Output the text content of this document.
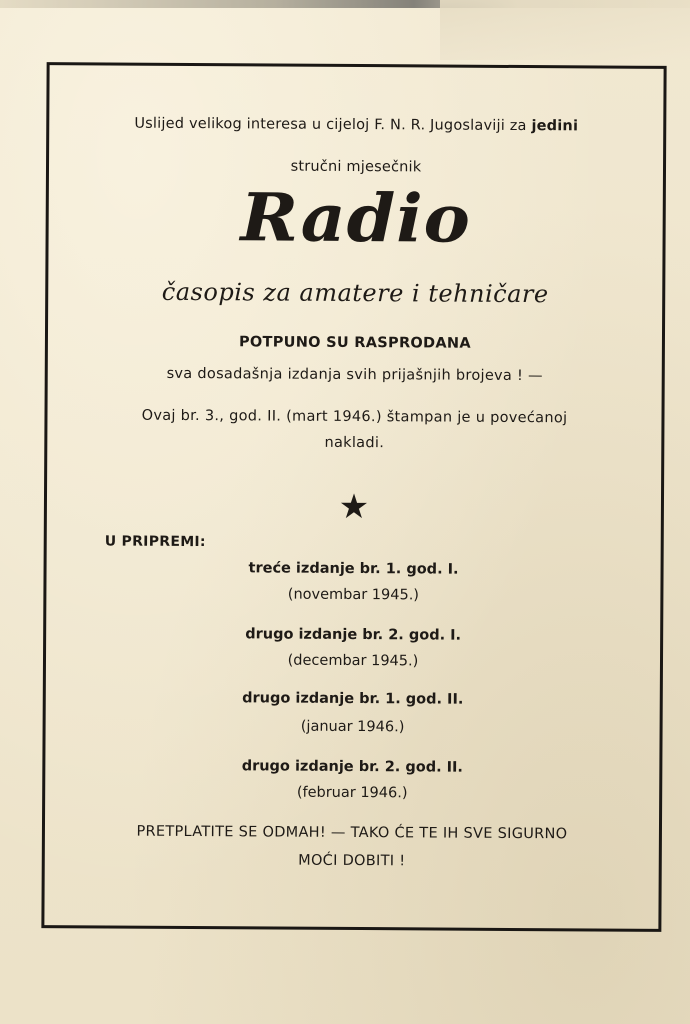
Uslijed velikog interesa u cijeloj F. N. R. Jugoslaviji za jedini
stručni mjesečnik
Radio
časopis za amatere i tehničare
POTPUNO SU RASPRODANA
sva dosadašnja izdanja svih prijašnjih brojeva ! —
Ovaj br. 3., god. II. (mart 1946.) štampan je u povećanoj
nakladi.
★
U PRIPREMI:
treće izdanje br. 1. god. I.
(novembar 1945.)
drugo izdanje br. 2. god. I.
(decembar 1945.)
drugo izdanje br. 1. god. II.
(januar 1946.)
drugo izdanje br. 2. god. II.
(februar 1946.)
PRETPLATITE SE ODMAH! — TAKO ĆE TE IH SVE SIGURNO
MOĆI DOBITI !
